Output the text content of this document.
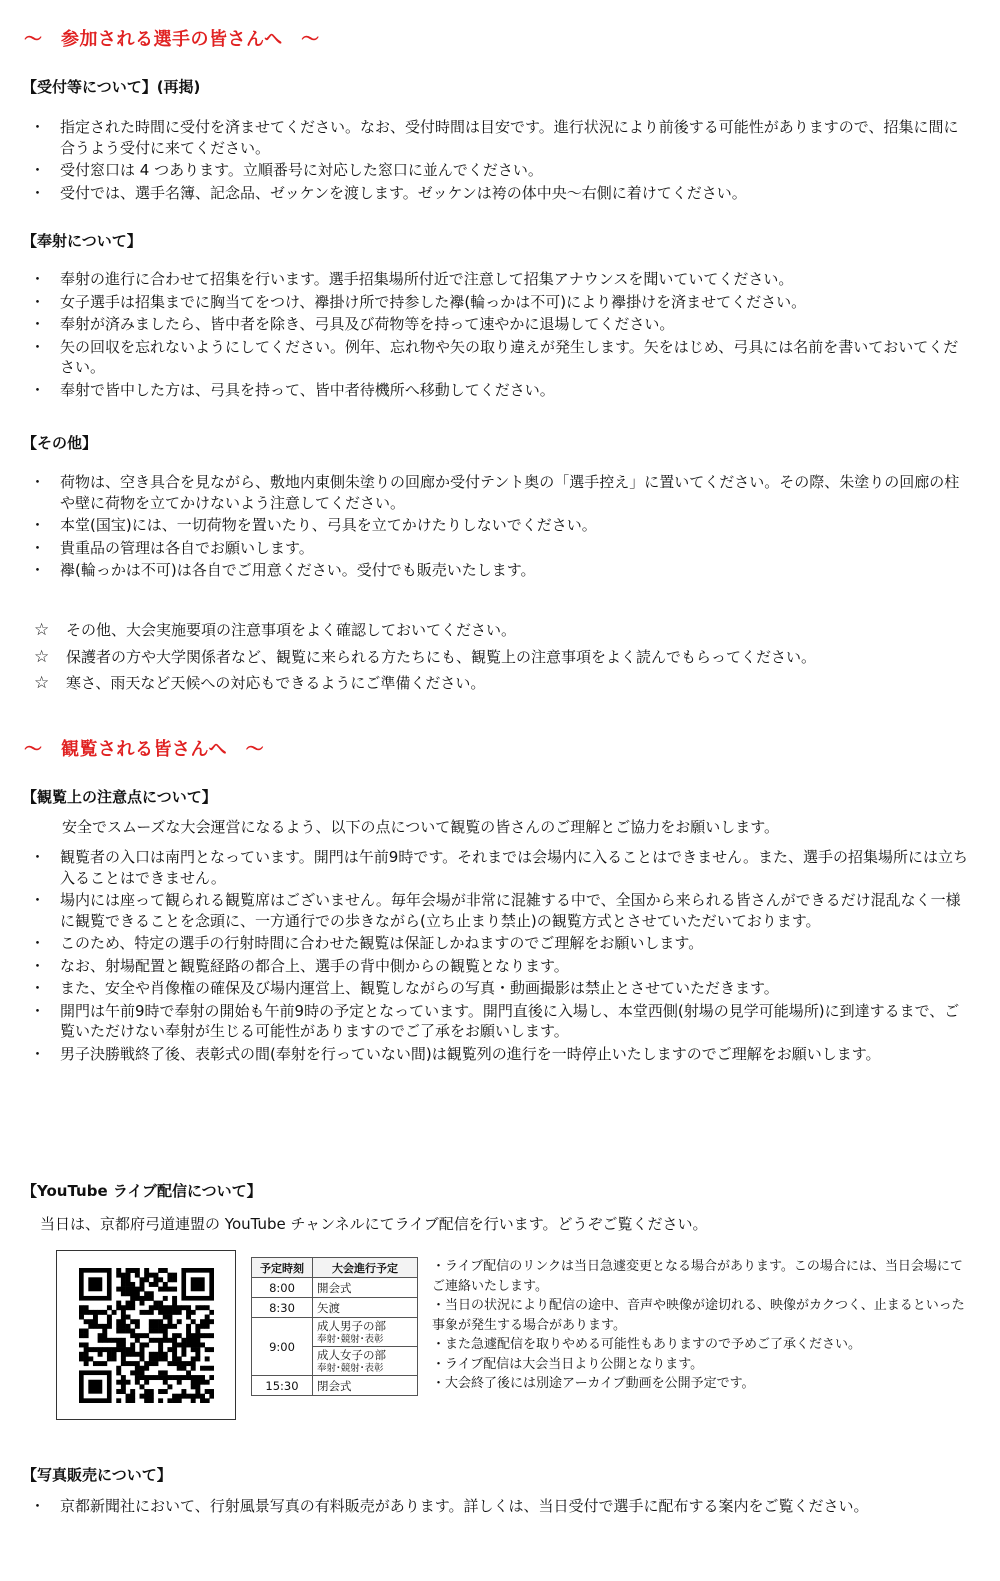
～　参加される選手の皆さんへ　～
【受付等について】(再掲)
・ 指定された時間に受付を済ませてください。なお、受付時間は目安です。進行状況により前後する可能性がありますので、招集に間に合うよう受付に来てください。
・ 受付窓口は 4 つあります。立順番号に対応した窓口に並んでください。
・ 受付では、選手名簿、記念品、ゼッケンを渡します。ゼッケンは袴の体中央～右側に着けてください。
【奉射について】
・ 奉射の進行に合わせて招集を行います。選手招集場所付近で注意して招集アナウンスを聞いていてください。
・ 女子選手は招集までに胸当てをつけ、襷掛け所で持参した襷(輪っかは不可)により襷掛けを済ませてください。
・ 奉射が済みましたら、皆中者を除き、弓具及び荷物等を持って速やかに退場してください。
・ 矢の回収を忘れないようにしてください。例年、忘れ物や矢の取り違えが発生します。矢をはじめ、弓具には名前を書いておいてください。
・ 奉射で皆中した方は、弓具を持って、皆中者待機所へ移動してください。
【その他】
・ 荷物は、空き具合を見ながら、敷地内東側朱塗りの回廊か受付テント奥の「選手控え」に置いてください。その際、朱塗りの回廊の柱や壁に荷物を立てかけないよう注意してください。
・ 本堂(国宝)には、一切荷物を置いたり、弓具を立てかけたりしないでください。
・ 貴重品の管理は各自でお願いします。
・ 襷(輪っかは不可)は各自でご用意ください。受付でも販売いたします。
☆	その他、大会実施要項の注意事項をよく確認しておいてください。
☆	保護者の方や大学関係者など、観覧に来られる方たちにも、観覧上の注意事項をよく読んでもらってください。
☆	寒さ、雨天など天候への対応もできるようにご準備ください。
～　観覧される皆さんへ　～
【観覧上の注意点について】
安全でスムーズな大会運営になるよう、以下の点について観覧の皆さんのご理解とご協力をお願いします。
・ 観覧者の入口は南門となっています。開門は午前9時です。それまでは会場内に入ることはできません。また、選手の招集場所には立ち入ることはできません。
・ 場内には座って観られる観覧席はございません。毎年会場が非常に混雑する中で、全国から来られる皆さんができるだけ混乱なく一様に観覧できることを念頭に、一方通行での歩きながら(立ち止まり禁止)の観覧方式とさせていただいております。
・ このため、特定の選手の行射時間に合わせた観覧は保証しかねますのでご理解をお願いします。
・ なお、射場配置と観覧経路の都合上、選手の背中側からの観覧となります。
・ また、安全や肖像権の確保及び場内運営上、観覧しながらの写真・動画撮影は禁止とさせていただきます。
・ 開門は午前9時で奉射の開始も午前9時の予定となっています。開門直後に入場し、本堂西側(射場の見学可能場所)に到達するまで、ご覧いただけない奉射が生じる可能性がありますのでご了承をお願いします。
・ 男子決勝戦終了後、表彰式の間(奉射を行っていない間)は観覧列の進行を一時停止いたしますのでご理解をお願いします。
【YouTube ライブ配信について】
当日は、京都府弓道連盟の YouTube チャンネルにてライブ配信を行います。どうぞご覧ください。
予定時刻	大会進行予定
8:00	開会式
8:30	矢渡
9:00	成人男子の部
奉射･競射･表彰

	成人女子の部
奉射･競射･表彰

15:30	閉会式
・ライブ配信のリンクは当日急遽変更となる場合があります。この場合には、当日会場にてご連絡いたします。
・当日の状況により配信の途中、音声や映像が途切れる、映像がカクつく、止まるといった事象が発生する場合があります。
・また急遽配信を取りやめる可能性もありますので予めご了承ください。
・ライブ配信は大会当日より公開となります。
・大会終了後には別途アーカイブ動画を公開予定です。
【写真販売について】
・ 京都新聞社において、行射風景写真の有料販売があります。詳しくは、当日受付で選手に配布する案内をご覧ください。
